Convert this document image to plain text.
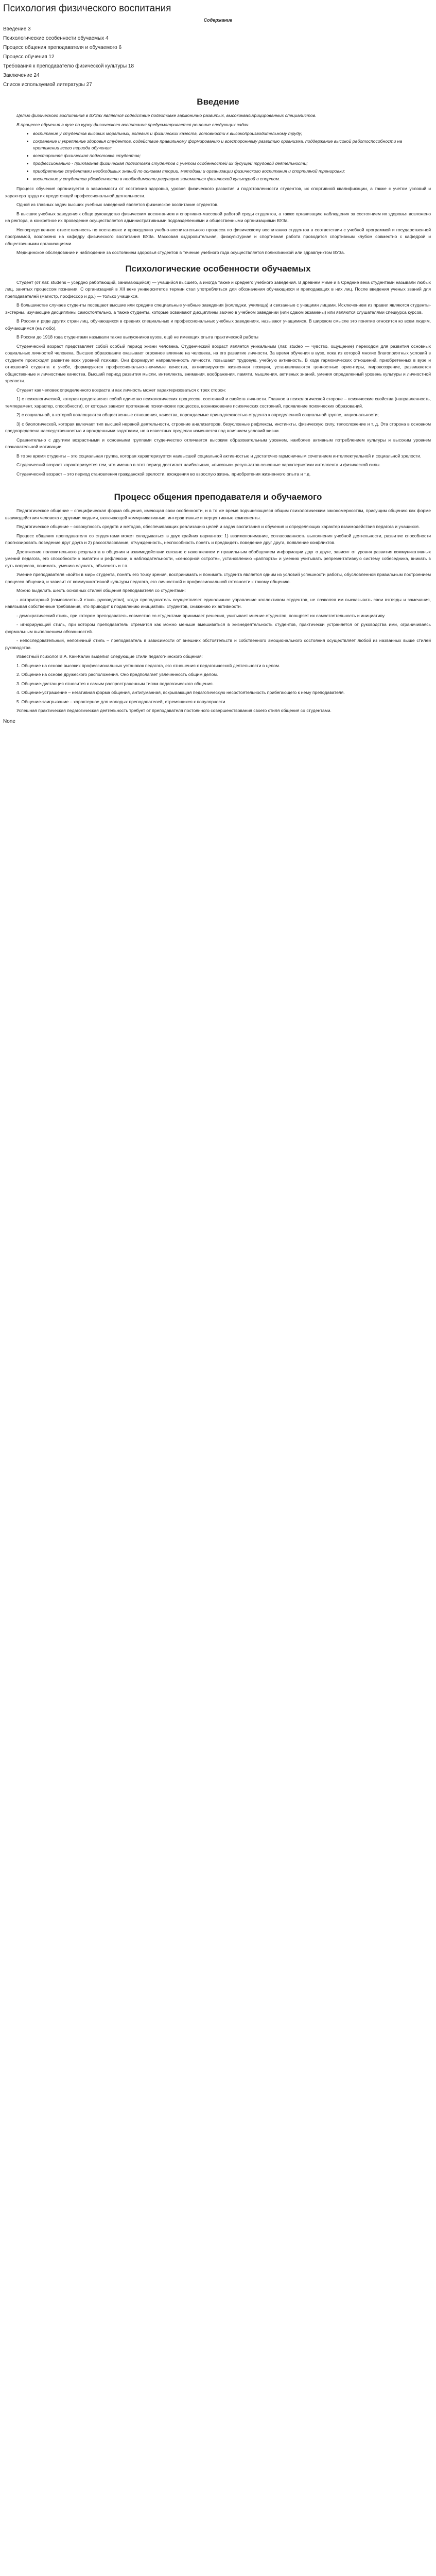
Психология физического воспитания
Содержание
Введение 3
Психологические особенности обучаемых 4
Процесс общения преподавателя и обучаемого 6
Процесс обучения 12
Требования к преподавателю физической культуры 18
Заключение 24
Список используемой литературы 27
Введение

Целью физического воспитания в ВУЗах является содействие подготовке гармонично развитых, высококвалифицированных специалистов.

В процессе обучения в вузе по курсу физического воспитания предусматривается решение следующих задач:

• воспитание у студентов высоких моральных, волевых и физических качеств, готовности к высокопроизводительному труду;
• сохранение и укрепление здоровья студентов, содействие правильному формированию и всестороннему развитию организма, поддержание высокой работоспособности на протяжении всего периода обучения;
• всесторонняя физическая подготовка студентов;
• профессионально - прикладная физическая подготовка студентов с учетом особенностей их будущей трудовой деятельности;
• приобретение студентами необходимых знаний по основам теории, методики и организации физического воспитания и спортивной тренировки;
• воспитание у студентов убежденности в необходимости регулярно заниматься физической культурой и спортом.

Процесс обучения организуется в зависимости от состояния здоровья, уровня физического развития и подготовленности студентов, их спортивной квалификации, а также с учетом условий и характера труда их предстоящей профессиональной деятельности.

Одной из главных задач высших учебных заведений является физическое воспитание студентов.

В высших учебных заведениях обще руководство физическим воспитанием и спортивно-массовой работой среди студентов, а также организацию наблюдения за состоянием их здоровья возложено на ректора, а конкретное их проведение осуществляется административными подразделениями и общественными организациями ВУЗа.

Непосредственное ответственность по постановке и проведению учебно-воспитательного процесса по физическому воспитанию студентов в соответствии с учебной программой и государственной программой, возложено на кафедру физического воспитания ВУЗа. Массовая оздоровительная, физкультурная и спортивная работа проводится спортивным клубом совместно с кафедрой и общественными организациями.

Медицинское обследование и наблюдение за состоянием здоровья студентов в течение учебного года осуществляется поликлиникой или здравпунктом ВУЗа.

Психологические особенности обучаемых

Студент (от лат. studens – усердно работающий, занимающийся) — учащийся высшего, а иногда также и среднего учебного заведения. В древнем Риме и в Средние века студентами называли любых лиц, занятых процессом познания. С организацией в XII веке университетов термин стал употребляться для обозначения обучающихся и преподающих в них лиц. После введения ученых званий для преподавателей (магистр, профессор и др.) — только учащихся.

В большинстве случаев студенты посещают высшие или средние специальные учебные заведения (колледжи, училища) и связанные с учащими лицами. Исключением из правил являются студенты-экстерны, изучающие дисциплины самостоятельно, а также студенты, которые осваивают дисциплины заочно в учебном заведении (или сдаюм экзамены) или являются слушателями спецкурса курсов.

В России и ряде других стран лиц, обучающихся в средних специальных и профессиональных учебных заведениях, называют учащимися. В широком смысле это понятие относится ко всем людям, обучающимся (на любо).

В России до 1918 года студентами называли также выпускников вузов, ещё не имеющих опыта практической работы

Студенческий возраст представляет собой особый период жизни человека. Студенческий возраст является уникальным (лат. studeo — чувство, ощущение) переходом для развития основных социальных личностей человека. Высшее образование оказывает огромное влияние на человека, на его развитие личности. За время обучения в вузе, пока из которой многие благоприятных условий в студенте происходят развитие всех уровней психики. Они формирует направленность личности, повышают трудовую, учебную активность. В ходе гармонических отношений, приобретенных в вузе и отношений студента к учебе, формируются профессионально-значимые качества, активизируются жизненная позиция, устанавливаются ценностные ориентиры, мировоззрение, развиваются общественные и личностные качества. Высший период развития мысли, интеллекта, внимания, воображения, памяти, мышления, активных знаний, умения определенный уровень культуры и личностной зрелости.

Студент как человек определенного возраста и как личность может характеризоваться с трех сторон:

1) с психологической, которая представляет собой единство психологических процессов, состояний и свойств личности. Главное в психологической стороне – психические свойства (направленность, темперамент, характер, способности), от которых зависит протекание психических процессов, возникновение психических состояний, проявление психических образований.

2) с социальной, в которой воплощаются общественные отношения, качества, порождаемые принадлежностью студента к определенной социальной группе, национальности;

3) с биологической, которая включает тип высшей нервной деятельности, строение анализаторов, безусловные рефлексы, инстинкты, физическую силу, телосложение и т. д. Эта сторона в основном предопределена наследственностью и врожденными задатками, но в известных пределах изменяется под влиянием условий жизни.

Сравнительно с другими возрастными и основными группами студенчество отличается высоким образовательным уровнем, наиболее активным потреблением культуры и высоким уровнем познавательной мотивации.

В то же время студенты – это социальная группа, которая характеризуется наивысшей социальной активностью и достаточно гармоничным сочетанием интеллектуальной и социальной зрелости.

Студенческий возраст характеризуется тем, что именно в этот период достигает наибольших, «пиковых» результатов основные характеристики интеллекта и физической силы.

Студенческий возраст – это период становления гражданской зрелости, вхождения во взрослую жизнь, приобретения жизненного опыта и т.д.

Процесс общения преподавателя и обучаемого

Педагогическое общение – специфическая форма общения, имеющая свои особенности, и в то же время подчиняющаяся общим психологическим закономерностям, присущим общению как форме взаимодействия человека с другими людьми, включающей коммуникативные, интерактивные и перцептивные компоненты.

Педагогическое общение – совокупность средств и методов, обеспечивающих реализацию целей и задач воспитания и обучения и определяющих характер взаимодействия педагога и учащихся.

Процесс общения преподавателя со студентами может складываться в двух крайних вариантах: 1) взаимопонимание, согласованность выполнения учебной деятельности, развитие способности прогнозировать поведение друг друга и 2) рассогласование, отчужденность, неспособность понять и предвидеть поведение друг друга, появление конфликтов.

Достижение положительного результата в общении и взаимодействии связано с накоплением и правильным обобщением информации друг о друге, зависит от уровня развития коммуникативных умений педагога, его способности к эмпатии и рефлексии, к наблюдательности, «сенсорной остроте», установлению «раппорта» и умению учитывать репрезентативную систему собеседника, вникать в суть вопросов, понимать, умению слушать, объяснять и т.п.

Умение преподавателя «войти в мир» студента, понять его точку зрения, воспринимать и понимать студента является одним из условий успешности работы, обусловленной правильным построением процесса общения, и зависит от коммуникативной культуры педагога, его личностной и профессиональной готовности к такому общению.

Можно выделить шесть основных стилей общения преподавателя со студентами:

- авторитарный (самовластный стиль руководства), когда преподаватель осуществляет единоличное управление коллективом студентов, не позволяя им высказывать свои взгляды и замечания, навязывая собственные требования, что приводит к подавлению инициативы студентов, снижению их активности.

- демократический стиль, при котором преподаватель совместно со студентами принимает решения, учитывает мнение студентов, поощряет их самостоятельность и инициативу.

- игнорирующий стиль, при котором преподаватель стремится как можно меньше вмешиваться в жизнедеятельность студентов, практически устраняется от руководства ими, ограничиваясь формальным выполнением обязанностей.

- непоследовательный, нелогичный стиль – преподаватель в зависимости от внешних обстоятельств и собственного эмоционального состояния осуществляет любой из названных выше стилей руководства.

Известный психолог В.А. Кан-Калик выделил следующие стили педагогического общения:

1. Общение на основе высоких профессиональных установок педагога, его отношения к педагогической деятельности в целом.

2. Общение на основе дружеского расположения. Оно предполагает увлеченность общим делом.

3. Общение-дистанция относится к самым распространенным типам педагогического общения.

4. Общение-устрашение – негативная форма общения, антигуманная, вскрывающая педагогическую несостоятельность прибегающего к нему преподавателя.

5. Общение-заигрывание – характерное для молодых преподавателей, стремящихся к популярности.

Успешная практическая педагогическая деятельность требует от преподавателя постоянного совершенствования своего стиля общения со студентами.

None
